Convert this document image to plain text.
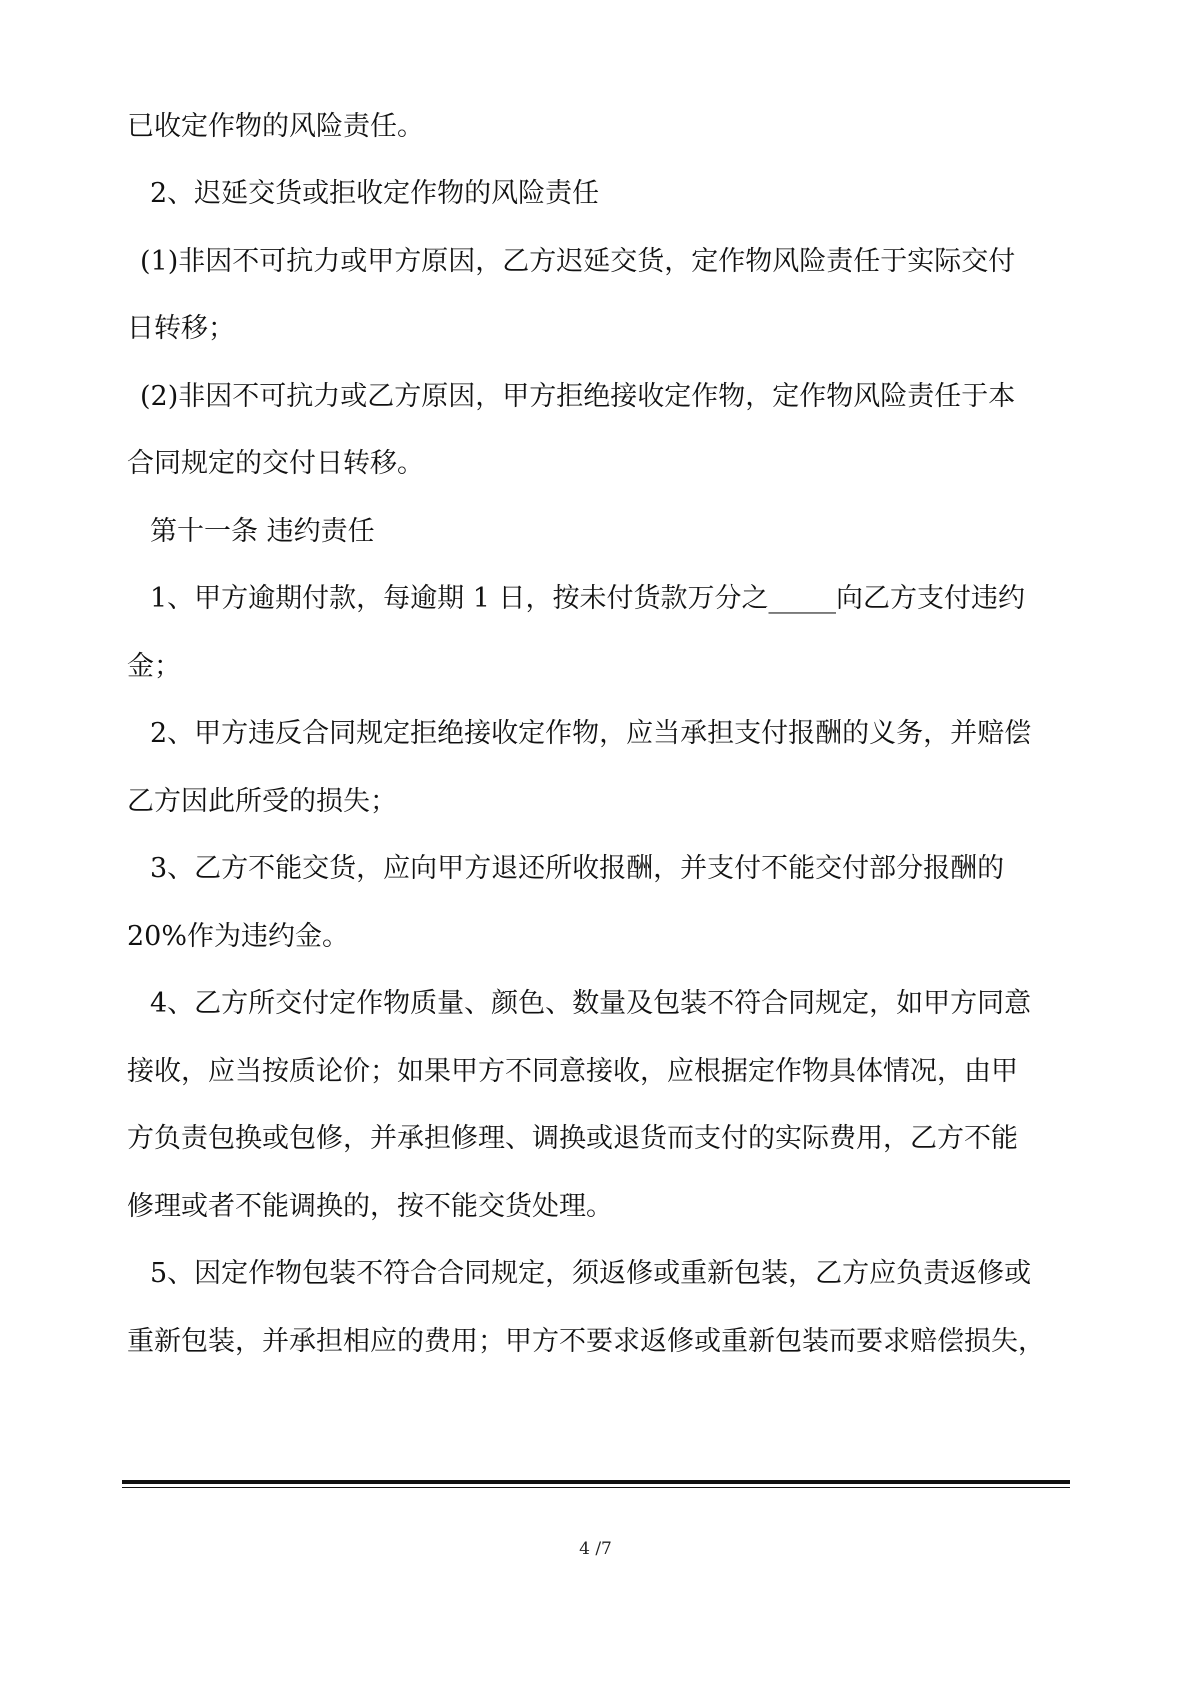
已收定作物的风险责任。
2、迟延交货或拒收定作物的风险责任
(1)非因不可抗力或甲方原因，乙方迟延交货，定作物风险责任于实际交付
日转移；
(2)非因不可抗力或乙方原因，甲方拒绝接收定作物，定作物风险责任于本
合同规定的交付日转移。
第十一条 违约责任
1、甲方逾期付款，每逾期 1 日，按未付货款万分之_____向乙方支付违约
金；
2、甲方违反合同规定拒绝接收定作物，应当承担支付报酬的义务，并赔偿
乙方因此所受的损失；
3、乙方不能交货，应向甲方退还所收报酬，并支付不能交付部分报酬的
20%作为违约金。
4、乙方所交付定作物质量、颜色、数量及包装不符合同规定，如甲方同意
接收，应当按质论价；如果甲方不同意接收，应根据定作物具体情况，由甲
方负责包换或包修，并承担修理、调换或退货而支付的实际费用，乙方不能
修理或者不能调换的，按不能交货处理。
5、因定作物包装不符合合同规定，须返修或重新包装，乙方应负责返修或
重新包装，并承担相应的费用；甲方不要求返修或重新包装而要求赔偿损失，
4 /7
